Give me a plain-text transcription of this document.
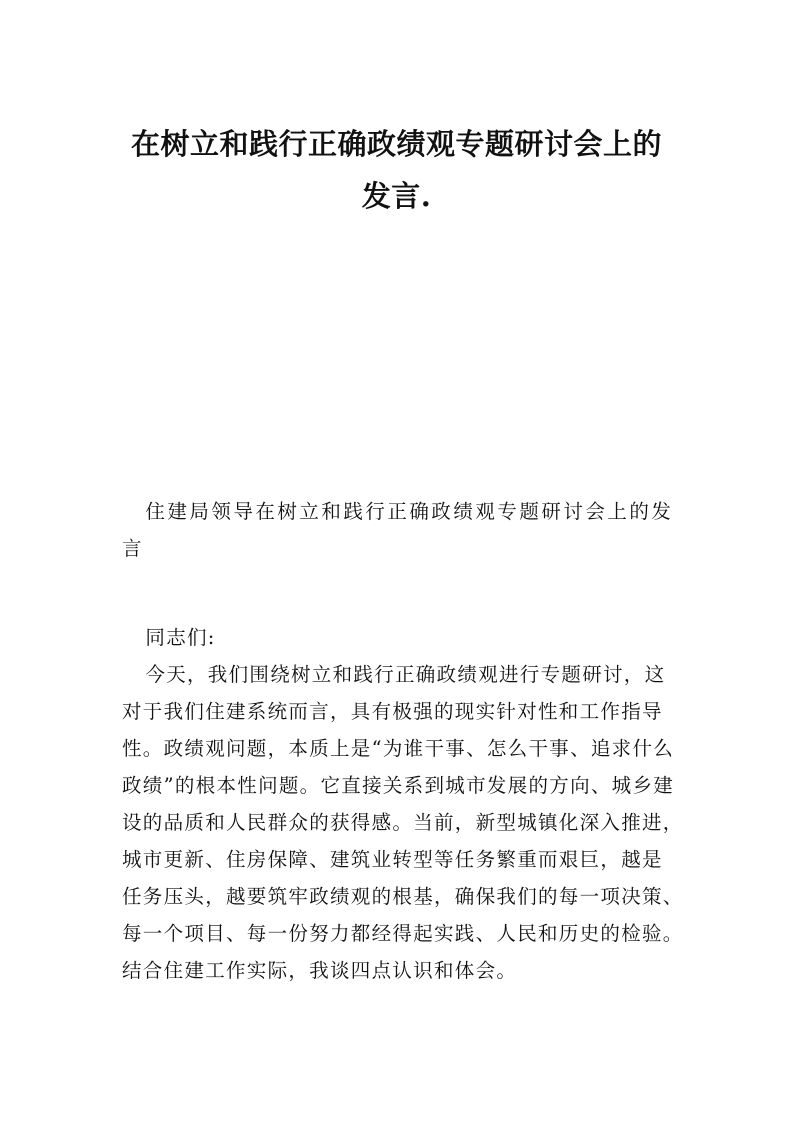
在树立和践行正确政绩观专题研讨会上的
发言.
住建局领导在树立和践行正确政绩观专题研讨会上的发
言
同志们:
今天，我们围绕树立和践行正确政绩观进行专题研讨，这
对于我们住建系统而言，具有极强的现实针对性和工作指导
性。政绩观问题，本质上是“为谁干事、怎么干事、追求什么
政绩”的根本性问题。它直接关系到城市发展的方向、城乡建
设的品质和人民群众的获得感。当前，新型城镇化深入推进，
城市更新、住房保障、建筑业转型等任务繁重而艰巨，越是
任务压头，越要筑牢政绩观的根基，确保我们的每一项决策、
每一个项目、每一份努力都经得起实践、人民和历史的检验。
结合住建工作实际，我谈四点认识和体会。
